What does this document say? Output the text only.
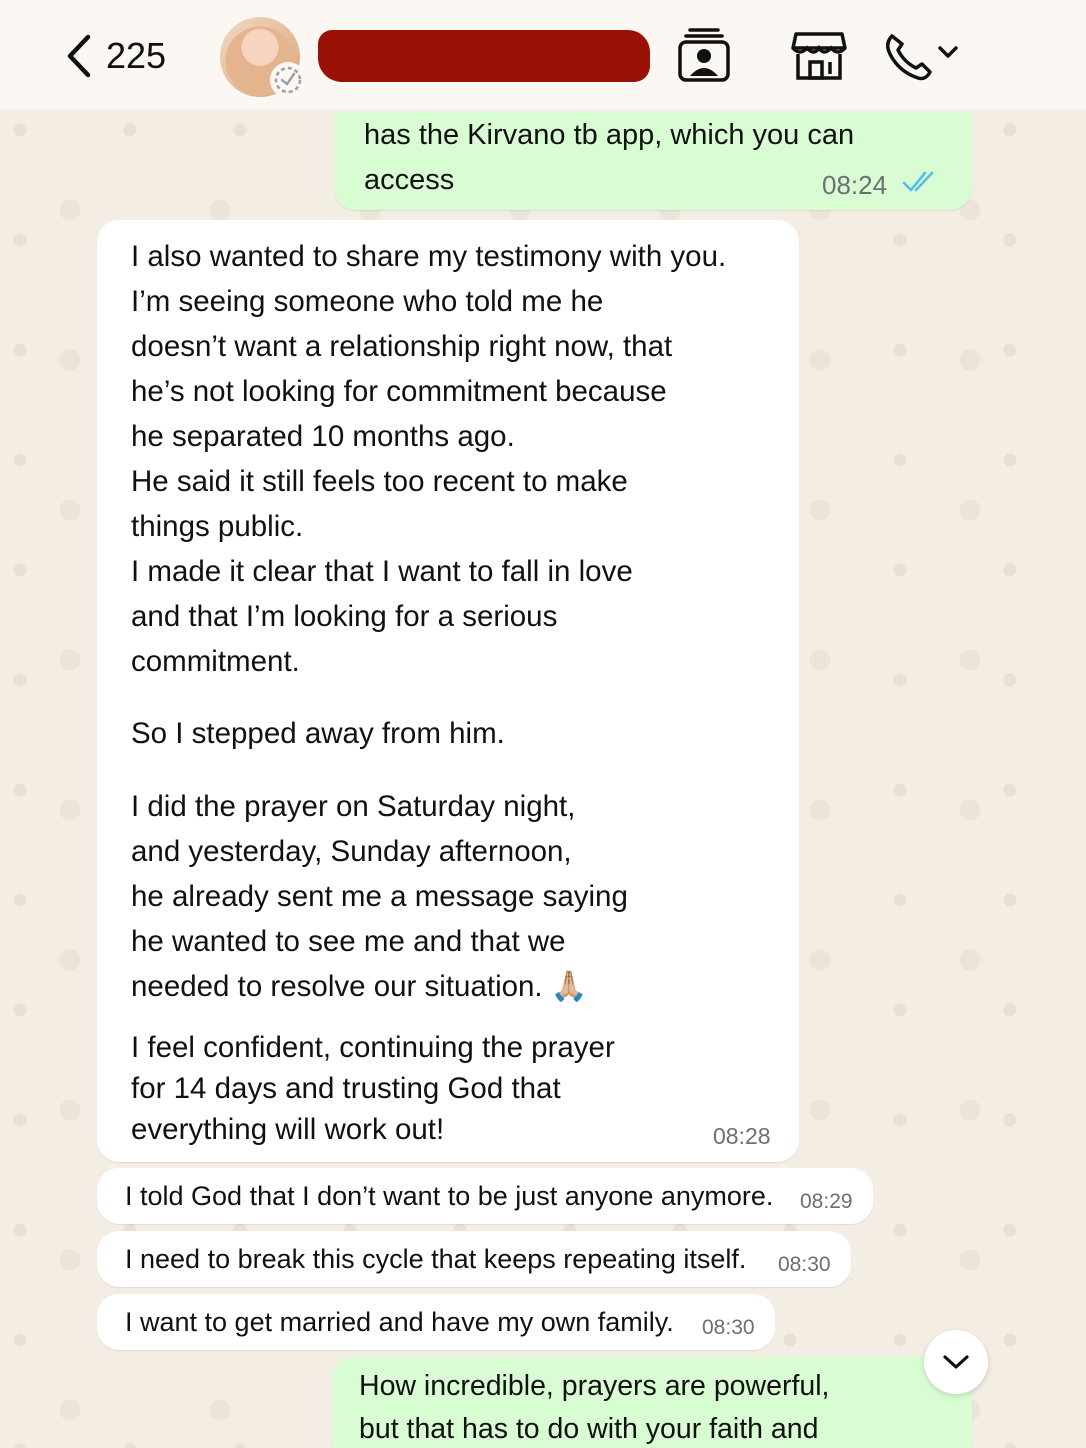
225
has the Kirvano tb app, which you can
access	08:24
I also wanted to share my testimony with you.
I’m seeing someone who told me he
doesn’t want a relationship right now, that
he’s not looking for commitment because
he separated 10 months ago.
He said it still feels too recent to make
things public.
I made it clear that I want to fall in love
and that I’m looking for a serious
commitment.
So I stepped away from him.
I did the prayer on Saturday night,
and yesterday, Sunday afternoon,
he already sent me a message saying
he wanted to see me and that we
needed to resolve our situation. 🙏🏼
I feel confident, continuing the prayer
for 14 days and trusting God that
everything will work out!	08:28
I told God that I don’t want to be just anyone anymore. 08:29
I need to break this cycle that keeps repeating itself. 08:30
I want to get married and have my own family. 08:30
How incredible, prayers are powerful,
but that has to do with your faith and
